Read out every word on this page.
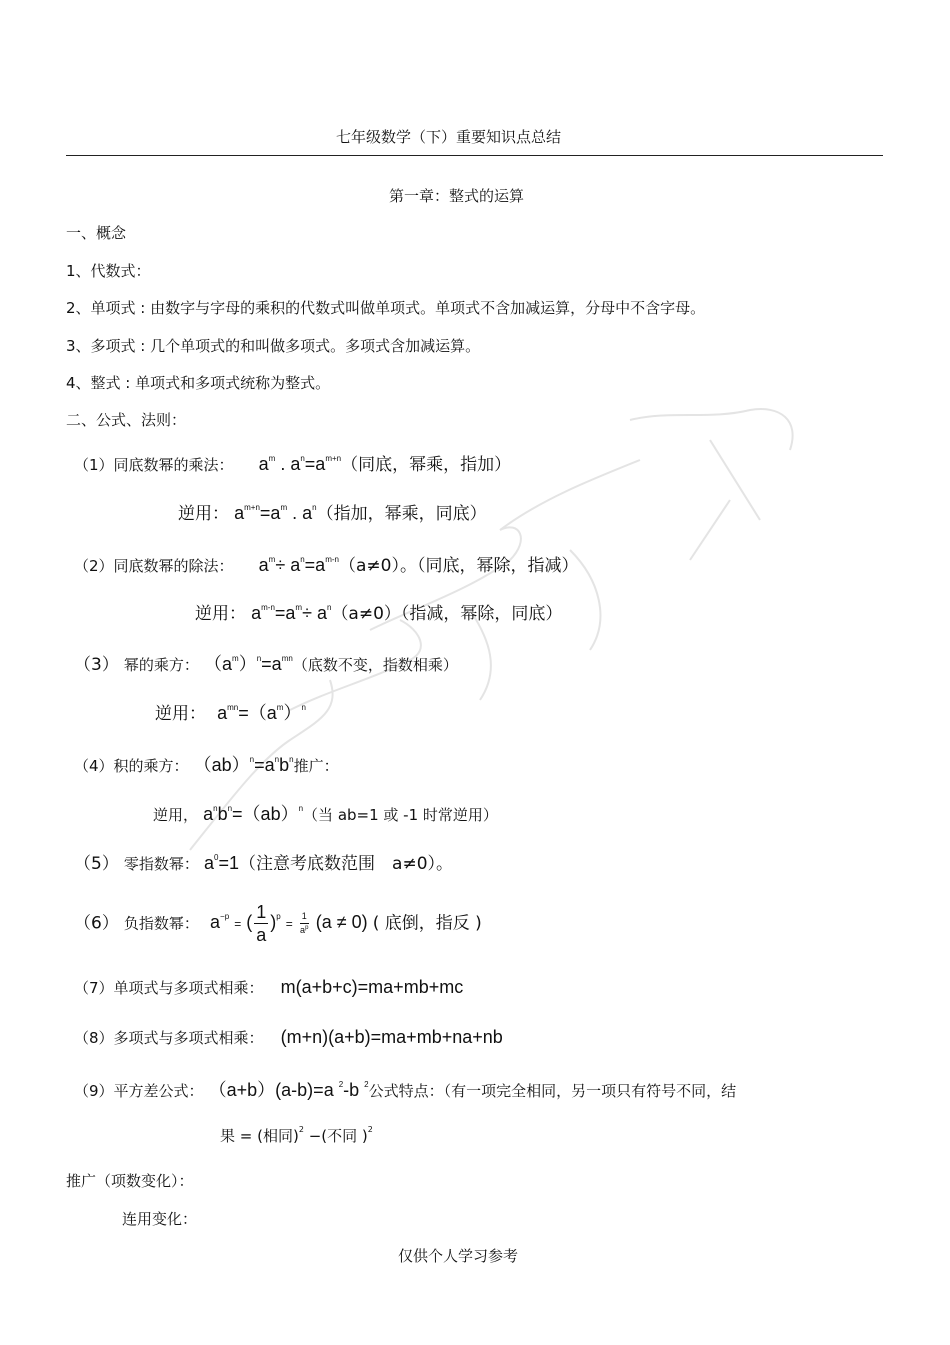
七年级数学（下）重要知识点总结
第一章：整式的运算
一、概念
1、代数式：
2、单项式 : 由数字与字母的乘积的代数式叫做单项式。单项式不含加减运算，分母中不含字母。
3、多项式 : 几个单项式的和叫做多项式。多项式含加减运算。
4、整式 : 单项式和多项式统称为整式。
二、公式、法则：
（1）同底数幂的乘法： $a^m$ . $a^n=a^{m+n}$（同底，幂乘，指加）
逆用： $a^{m+n}=a^m$ . $a^n$（指加，幂乘，同底）
（2）同底数幂的除法： $a^m\div a^n=a^{m-n}(a\ne 0)$。（同底，幂除，指减）
逆用： $a^{m-n}=a^m\div a^n(a\ne 0)$（指减，幂除，同底）
（3） 幂的乘方： $(a^m)^n=a^{mn}$（底数不变，指数相乘）
逆用： $a^{mn}=(a^m)^n$
（4）积的乘方： $(ab)^n=a^nb^n$推广：
逆用， $a^nb^n=(ab)^n$（当 ab=1 或 -1 时常逆用）
（5） 零指数幂： $a^0=1$（注意考底数范围　a≠0）。
（6） 负指数幂： $a^{-p}$ = ( $\frac{1}{a} )^p = \frac{1}{a^p} (a \ne 0)$ ( 底倒，指反 )
（7）单项式与多项式相乘： m(a+b+c)=ma+mb+mc
（8）多项式与多项式相乘： (m+n)(a+b)=ma+mb+na+nb
（9）平方差公式： （a+b）(a-b)=a $^2$-b $^2$公式特点：（有一项完全相同，另一项只有符号不同，结
果 = (相同)$^2$ −(不同 )$^2$
推广（项数变化）：
连用变化：
仅供个人学习参考
